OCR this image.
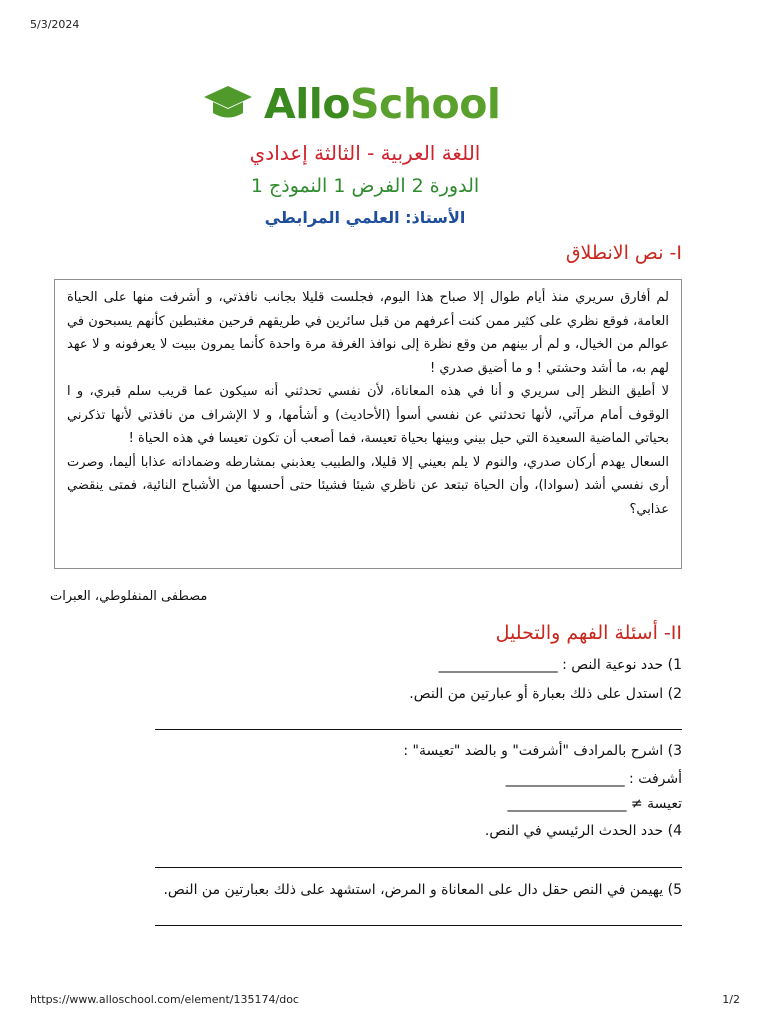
5/3/2024
AlloSchool
اللغة العربية - الثالثة إعدادي
الدورة 2 الفرض 1 النموذج 1
الأستاذ: العلمي المرابطي
I- نص الانطلاق

لم أفارق سريري منذ أيام طوال إلا صباح هذا اليوم، فجلست قليلا بجانب نافذتي، و أشرفت منها على الحياة العامة، فوقع نظري على كثير ممن كنت أعرفهم من قبل سائرين في طريقهم فرحين مغتبطين كأنهم يسبحون في عوالم من الخيال، و لم أر بينهم من وقع نظرة إلى نوافذ الغرفة مرة واحدة كأنما يمرون ببيت لا يعرفونه و لا عهد لهم به، ما أشد وحشتي ! و ما أضيق صدري !

لا أطيق النظر إلى سريري و أنا في هذه المعاناة، لأن نفسي تحدثني أنه سيكون عما قريب سلم قبري، و ا الوقوف أمام مرآتي، لأنها تحدثني عن نفسي أسوأ (الأحاديث) و أشأمها، و لا الإشراف من نافذتي لأنها تذكرني بحياتي الماضية السعيدة التي حيل بيني وبينها بحياة تعيسة، فما أصعب أن تكون تعيسا في هذه الحياة !

السعال يهدم أركان صدري، والنوم لا يلم بعيني إلا قليلا، والطبيب يعذبني بمشارطه وضماداته عذابا أليما، وصرت أرى نفسي أشد (سوادا)، وأن الحياة تبتعد عن ناظري شيئا فشيئا حتى أحسبها من الأشباح النائية، فمتى ينقضي عذابي؟

مصطفى المنفلوطي، العبرات
II- أسئلة الفهم والتحليل
1) حدد نوعية النص : _________________
2) استدل على ذلك بعبارة أو عبارتين من النص.
3) اشرح بالمرادف "أشرفت" و بالضد "تعيسة" :
أشرفت : _________________
تعيسة ≠ _________________
4) حدد الحدث الرئيسي في النص.
5) يهيمن في النص حقل دال على المعاناة و المرض، استشهد على ذلك بعبارتين من النص.
https://www.alloschool.com/element/135174/doc	1/2
